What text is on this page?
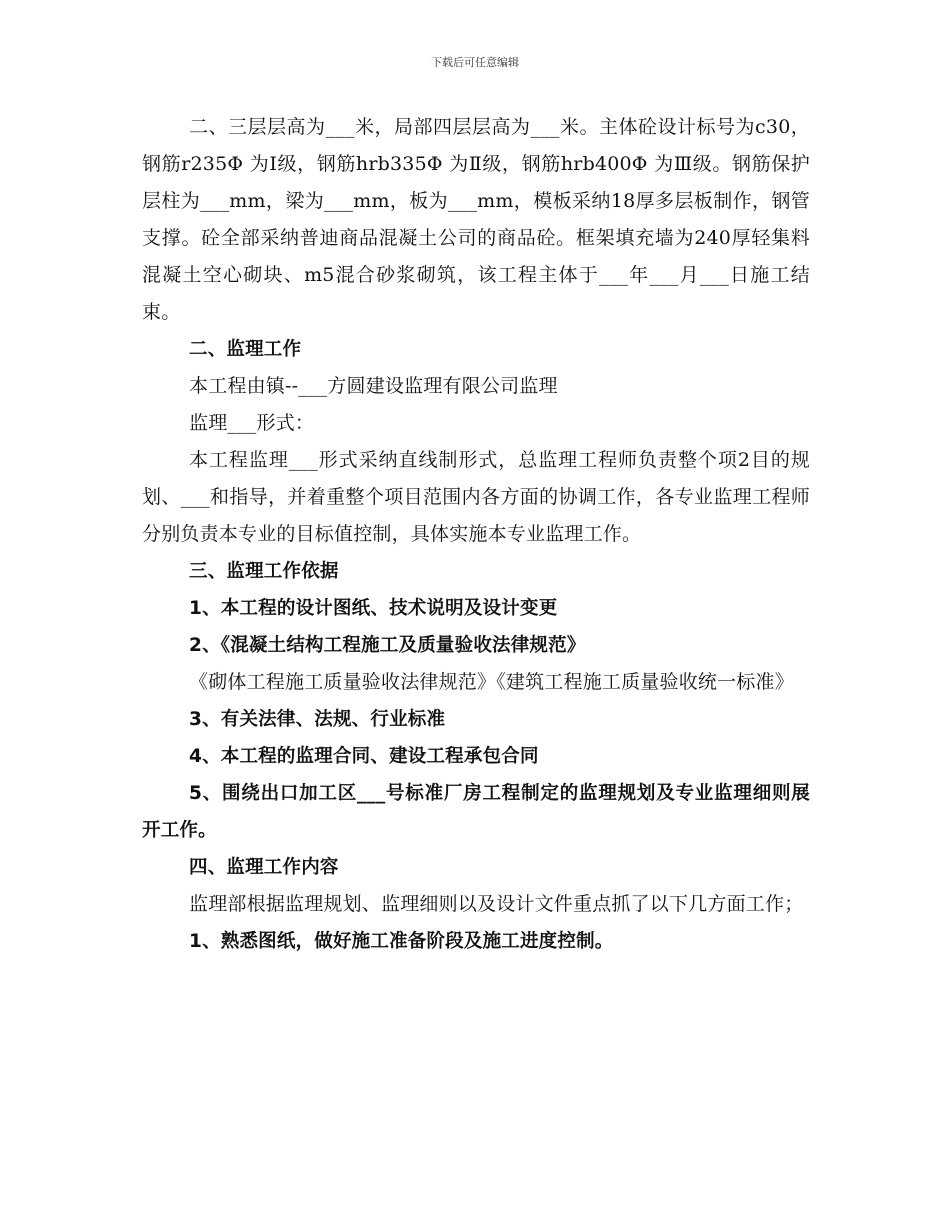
下载后可任意编辑

二、三层层高为___米，局部四层层高为___米。主体砼设计标号为c30，钢筋r235Φ 为Ⅰ级，钢筋hrb335Φ 为Ⅱ级，钢筋hrb400Φ 为Ⅲ级。钢筋保护层柱为___mm，梁为___mm，板为___mm，模板采纳18厚多层板制作，钢管支撑。砼全部采纳普迪商品混凝土公司的商品砼。框架填充墙为240厚轻集料混凝土空心砌块、m5混合砂浆砌筑，该工程主体于___年___月___日施工结束。

二、监理工作

本工程由镇--___方圆建设监理有限公司监理

监理___形式：

本工程监理___形式采纳直线制形式，总监理工程师负责整个项2目的规划、___和指导，并着重整个项目范围内各方面的协调工作，各专业监理工程师分别负责本专业的目标值控制，具体实施本专业监理工作。

三、监理工作依据

1、本工程的设计图纸、技术说明及设计变更

2、《混凝土结构工程施工及质量验收法律规范》

《砌体工程施工质量验收法律规范》《建筑工程施工质量验收统一标准》

3、有关法律、法规、行业标准

4、本工程的监理合同、建设工程承包合同

5、围绕出口加工区___号标准厂房工程制定的监理规划及专业监理细则展开工作。

四、监理工作内容

监理部根据监理规划、监理细则以及设计文件重点抓了以下几方面工作；

1、熟悉图纸，做好施工准备阶段及施工进度控制。
